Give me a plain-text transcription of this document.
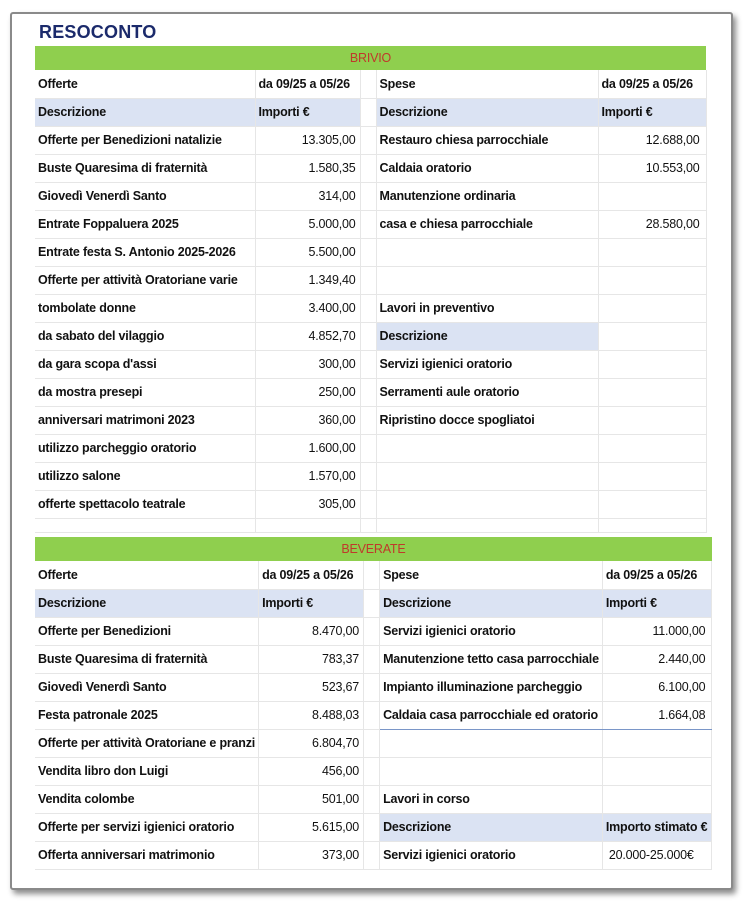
RESOCONTO
BRIVIO				
Offerte	da 09/25 a 05/26		Spese	da 09/25 a 05/26
Descrizione	Importi €		Descrizione	Importi €
Offerte per Benedizioni natalizie	13.305,00		Restauro chiesa parrocchiale	12.688,00
Buste Quaresima di fraternità	1.580,35		Caldaia oratorio	10.553,00
Giovedì Venerdì Santo	314,00		Manutenzione ordinaria	
Entrate Foppaluera 2025	5.000,00		casa e chiesa parrocchiale	28.580,00
Entrate festa S. Antonio 2025-2026	5.500,00			
Offerte per attività Oratoriane varie	1.349,40			
tombolate donne	3.400,00		Lavori in preventivo	
da sabato del vilaggio	4.852,70		Descrizione	
da gara scopa d'assi	300,00		Servizi igienici oratorio	
da mostra presepi	250,00		Serramenti aule oratorio	
anniversari matrimoni 2023	360,00		Ripristino docce spogliatoi	
utilizzo parcheggio oratorio	1.600,00			
utilizzo salone	1.570,00			
offerte spettacolo teatrale	305,00			

BEVERATE				
Offerte	da 09/25 a 05/26		Spese	da 09/25 a 05/26
Descrizione	Importi €		Descrizione	Importi €
Offerte per Benedizioni	8.470,00		Servizi igienici oratorio	11.000,00
Buste Quaresima di fraternità	783,37		Manutenzione tetto casa parrocchiale	2.440,00
Giovedì Venerdì Santo	523,67		Impianto illuminazione parcheggio	6.100,00
Festa patronale 2025	8.488,03		Caldaia casa parrocchiale ed oratorio	1.664,08
Offerte per attività Oratoriane e pranzi	6.804,70			
Vendita libro don Luigi	456,00			
Vendita colombe	501,00		Lavori in corso	
Offerte per servizi igienici oratorio	5.615,00		Descrizione	Importo stimato €
Offerta anniversari matrimonio	373,00		Servizi igienici oratorio	20.000-25.000€
